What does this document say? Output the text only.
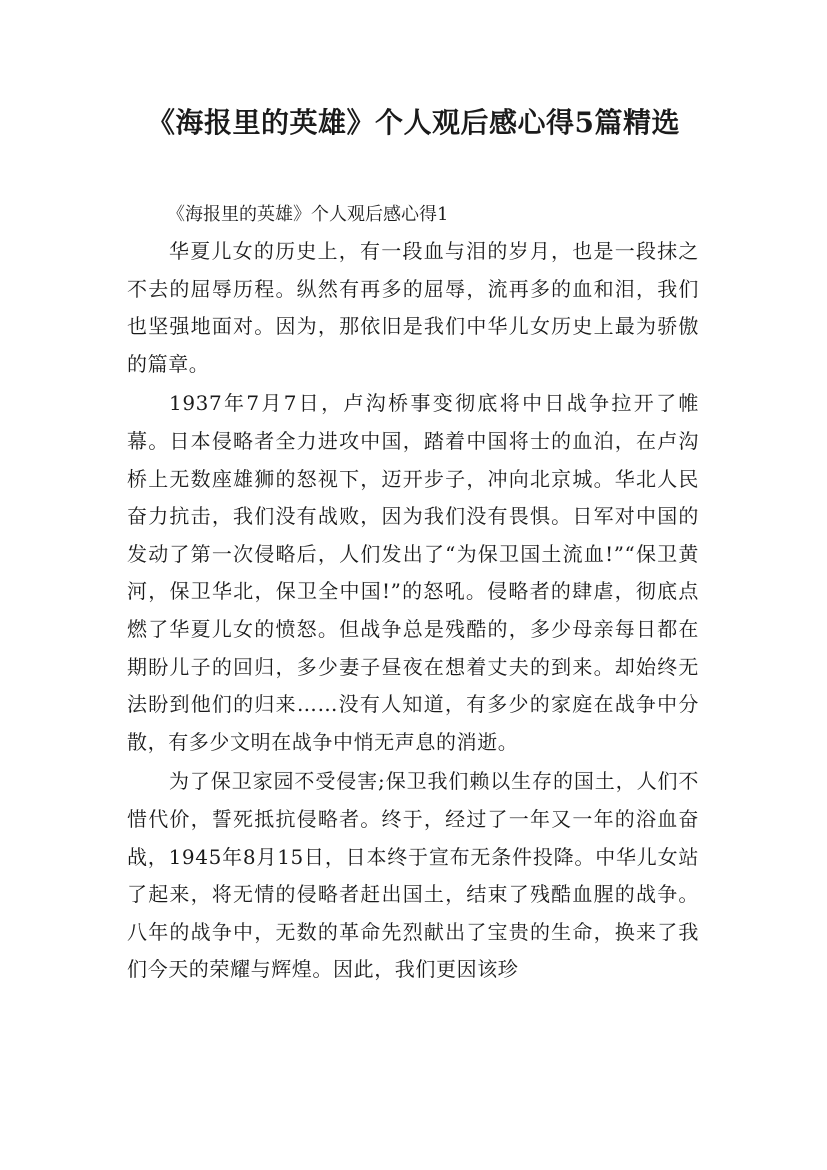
《海报里的英雄》个人观后感心得5篇精选

《海报里的英雄》个人观后感心得1

华夏儿女的历史上，有一段血与泪的岁月，也是一段抹之不去的屈辱历程。纵然有再多的屈辱，流再多的血和泪，我们也坚强地面对。因为，那依旧是我们中华儿女历史上最为骄傲的篇章。

1937年7月7日，卢沟桥事变彻底将中日战争拉开了帷幕。日本侵略者全力进攻中国，踏着中国将士的血泊，在卢沟桥上无数座雄狮的怒视下，迈开步子，冲向北京城。华北人民奋力抗击，我们没有战败，因为我们没有畏惧。日军对中国的发动了第一次侵略后，人们发出了“为保卫国土流血!”“保卫黄河，保卫华北，保卫全中国!”的怒吼。侵略者的肆虐，彻底点燃了华夏儿女的愤怒。但战争总是残酷的，多少母亲每日都在期盼儿子的回归，多少妻子昼夜在想着丈夫的到来。却始终无法盼到他们的归来……没有人知道，有多少的家庭在战争中分散，有多少文明在战争中悄无声息的消逝。

为了保卫家园不受侵害;保卫我们赖以生存的国土，人们不惜代价，誓死抵抗侵略者。终于，经过了一年又一年的浴血奋战，1945年8月15日，日本终于宣布无条件投降。中华儿女站了起来，将无情的侵略者赶出国土，结束了残酷血腥的战争。八年的战争中，无数的革命先烈献出了宝贵的生命，换来了我们今天的荣耀与辉煌。因此，我们更因该珍
